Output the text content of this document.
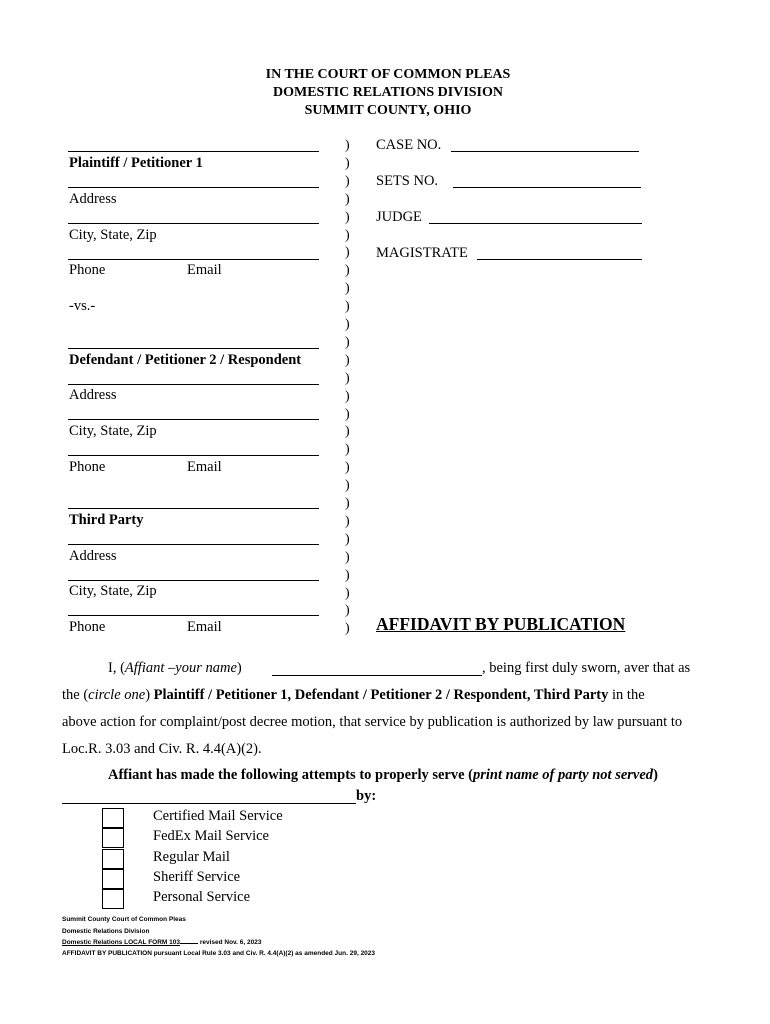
IN THE COURT OF COMMON PLEAS
DOMESTIC RELATIONS DIVISION
SUMMIT COUNTY, OHIO
Plaintiff / Petitioner 1
Address
City, State, Zip
Phone	Email
-vs.-
Defendant / Petitioner 2 / Respondent
Address
City, State, Zip
Phone	Email
Third Party
Address
City, State, Zip
Phone	Email
)
)
)
)
)
)
)
)
)
)
)
)
)
)
)
)
)
)
)
)
)
)
)
)
)
)
)
)
CASE NO.
SETS NO.
JUDGE
MAGISTRATE
AFFIDAVIT BY PUBLICATION
I, (Affiant –your name)	, being first duly sworn, aver that as
the (circle one) Plaintiff / Petitioner 1, Defendant / Petitioner 2 / Respondent, Third Party in the
above action for complaint/post decree motion, that service by publication is authorized by law pursuant to
Loc.R. 3.03 and Civ. R. 4.4(A)(2).
Affiant has made the following attempts to properly serve (print name of party not served)
by:
Certified Mail Service
FedEx Mail Service
Regular Mail
Sheriff Service
Personal Service
Summit County Court of Common Pleas
Domestic Relations Division
Domestic Relations LOCAL FORM 103	revised Nov. 6, 2023
AFFIDAVIT BY PUBLICATION pursuant Local Rule 3.03 and Civ. R. 4.4(A)(2) as amended Jun. 29, 2023
